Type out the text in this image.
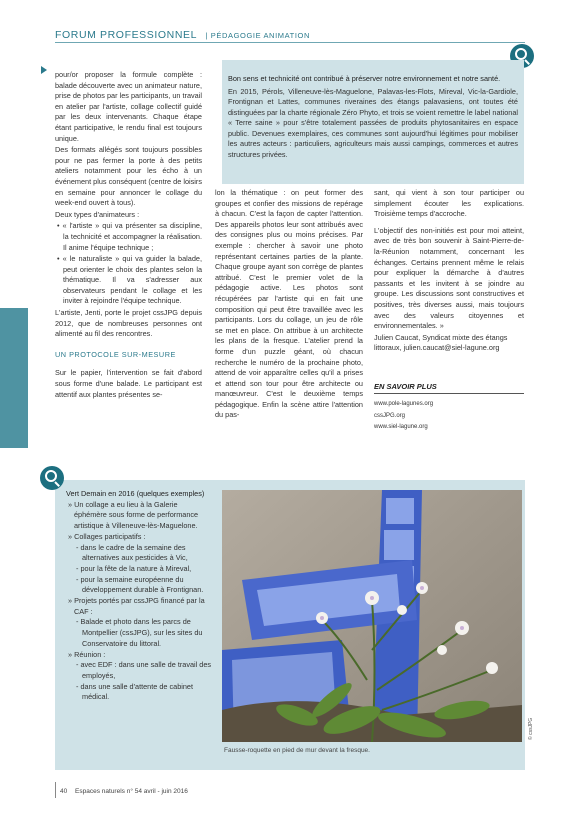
FORUM PROFESSIONNEL | PÉDAGOGIE ANIMATION

pour/or proposer la formule complète : balade découverte avec un animateur nature, prise de photos par les participants, un travail en atelier par l'artiste, collage collectif guidé par les deux intervenants. Chaque étape étant participative, le rendu final est toujours unique.

Des formats allégés sont toujours possibles pour ne pas fermer la porte à des petits ateliers notamment pour les écho à un événement plus conséquent (centre de loisirs en semaine pour annoncer le collage du week-end ouvert à tous).

Deux types d'animateurs :

• « l'artiste » qui va présenter sa discipline, la technicité et accompagner la réalisation. Il anime l'équipe technique ;

• « le naturaliste » qui va guider la balade, peut orienter le choix des plantes selon la thématique. Il va s'adresser aux observateurs pendant le collage et les inviter à rejoindre l'équipe technique.

L'artiste, Jenti, porte le projet cssJPG depuis 2012, que de nombreuses personnes ont alimenté au fil des rencontres.

UN PROTOCOLE SUR-MESURE

Sur le papier, l'intervention se fait d'abord sous forme d'une balade. Le participant est attentif aux plantes présentes se-

Bon sens et technicité ont contribué à préserver notre environnement et notre santé.
En 2015, Pérols, Villeneuve-lès-Maguelone, Palavas-les-Flots, Mireval, Vic-la-Gardiole, Frontignan et Lattes, communes riveraines des étangs palavasiens, ont toutes été distinguées par la charte régionale Zéro Phyto, et trois se voient remettre le label national « Terre saine » pour s'être totalement passées de produits phytosanitaires en espace public. Devenues exemplaires, ces communes sont aujourd'hui légitimes pour mobiliser les autres acteurs : particuliers, agriculteurs mais aussi campings, commerces et autres structures privées.

lon la thématique : on peut former des groupes et confier des missions de repérage à chacun. C'est la façon de capter l'attention. Des appareils photos leur sont attribués avec des consignes plus ou moins précises. Par exemple : chercher à savoir une photo représentant certaines parties de la plante. Chaque groupe ayant son corrège de plantes attribué. C'est le premier volet de la pédagogie active. Les photos sont récupérées par l'artiste qui en fait une composition qui peut être travaillée avec les participants. Lors du collage, un jeu de rôle se met en place. On attribue à un architecte les plans de la fresque. L'atelier prend la forme d'un puzzle géant, où chacun recherche le numéro de la prochaine photo, attend de voir apparaître celles qu'il a prises et attend son tour pour être architecte ou manœuvreur. C'est le deuxième temps pédagogique. Enfin la scène attire l'attention du pas-

sant, qui vient à son tour participer ou simplement écouter les explications. Troisième temps d'accroche.

L'objectif des non-initiés est pour moi atteint, avec de très bon souvenir à Saint-Pierre-de-la-Réunion notamment, concernant les échanges. Certains prennent même le relais pour expliquer la démarche à d'autres passants et les invitent à se joindre au groupe. Les discussions sont constructives et positives, très diverses aussi, mais toujours avec des valeurs citoyennes et environnementales. »

Julien Caucat, Syndicat mixte des étangs littoraux, julien.caucat@siel-lagune.org

EN SAVOIR PLUS
www.pole-lagunes.org
cssJPG.org
www.siel-lagune.org
Vert Demain en 2016 (quelques exemples)
» Un collage a eu lieu à la Galerie éphémère sous forme de performance artistique à Villeneuve-lès-Maguelone.
» Collages participatifs :
- dans le cadre de la semaine des alternatives aux pesticides à Vic,
- pour la fête de la nature à Mireval,
- pour la semaine européenne du développement durable à Frontignan.
» Projets portés par cssJPG financé par la CAF :
- Balade et photo dans les parcs de Montpellier (cssJPG), sur les sites du Conservatoire du littoral.
» Réunion :
- avec EDF : dans une salle de travail des employés,
- dans une salle d'attente de cabinet médical.
Fausse-roquette en pied de mur devant la fresque.
© cssJPG
40 Espaces naturels n° 54 avril - juin 2016
